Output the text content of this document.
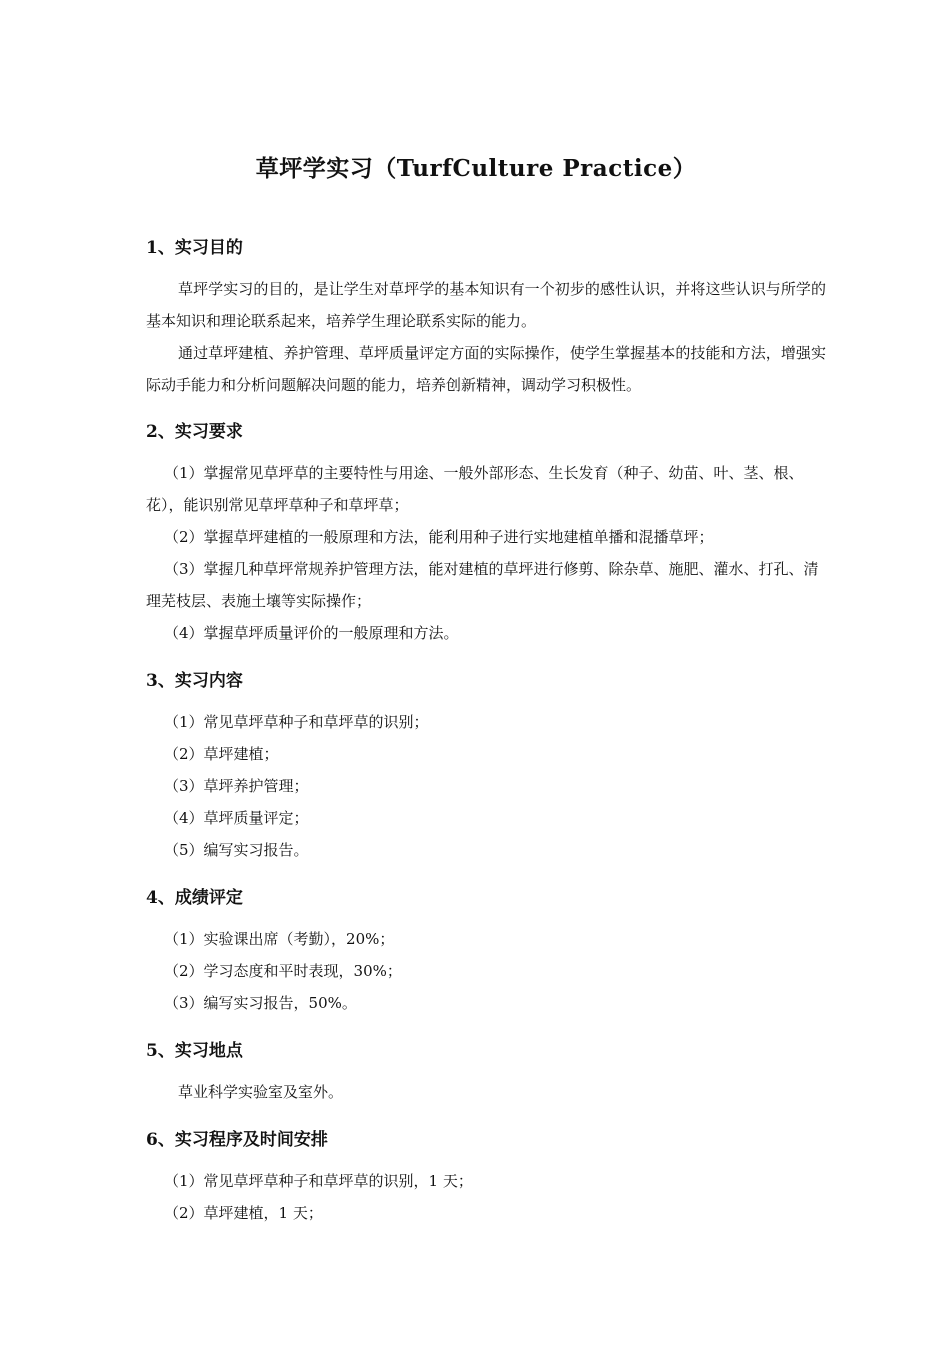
草坪学实习（TurfCulture Practice）

1、实习目的

草坪学实习的目的，是让学生对草坪学的基本知识有一个初步的感性认识，并将这些认识与所学的基本知识和理论联系起来，培养学生理论联系实际的能力。

通过草坪建植、养护管理、草坪质量评定方面的实际操作，使学生掌握基本的技能和方法，增强实际动手能力和分析问题解决问题的能力，培养创新精神，调动学习积极性。

2、实习要求

（1）掌握常见草坪草的主要特性与用途、一般外部形态、生长发育（种子、幼苗、叶、茎、根、花），能识别常见草坪草种子和草坪草；

（2）掌握草坪建植的一般原理和方法，能利用种子进行实地建植单播和混播草坪；

（3）掌握几种草坪常规养护管理方法，能对建植的草坪进行修剪、除杂草、施肥、灌水、打孔、清理芜枝层、表施土壤等实际操作；

（4）掌握草坪质量评价的一般原理和方法。

3、实习内容

（1）常见草坪草种子和草坪草的识别；

（2）草坪建植；

（3）草坪养护管理；

（4）草坪质量评定；

（5）编写实习报告。

4、成绩评定

（1）实验课出席（考勤），20%；

（2）学习态度和平时表现，30%；

（3）编写实习报告，50%。

5、实习地点

草业科学实验室及室外。

6、实习程序及时间安排

（1）常见草坪草种子和草坪草的识别，1 天；

（2）草坪建植，1 天；
